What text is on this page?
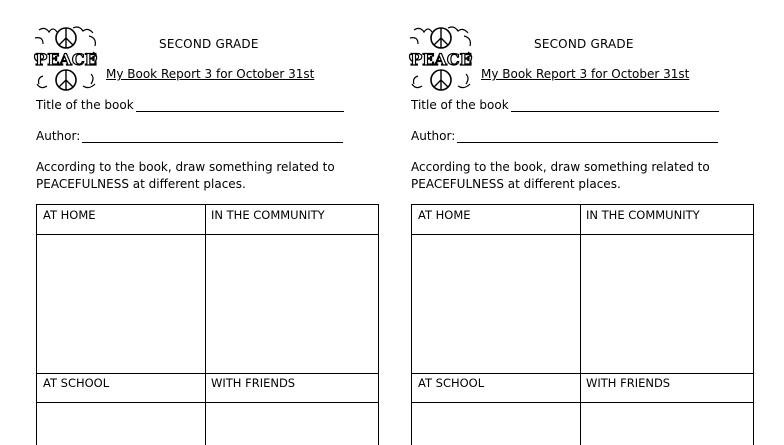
PEACE
SECOND GRADE
My Book Report 3 for October 31st
Title of the book
Author:
According to the book, draw something related to
PEACEFULNESS at different places.
AT HOME	IN THE COMMUNITY
AT SCHOOL	WITH FRIENDS
PEACE
SECOND GRADE
My Book Report 3 for October 31st
Title of the book
Author:
According to the book, draw something related to
PEACEFULNESS at different places.
AT HOME	IN THE COMMUNITY
AT SCHOOL	WITH FRIENDS
